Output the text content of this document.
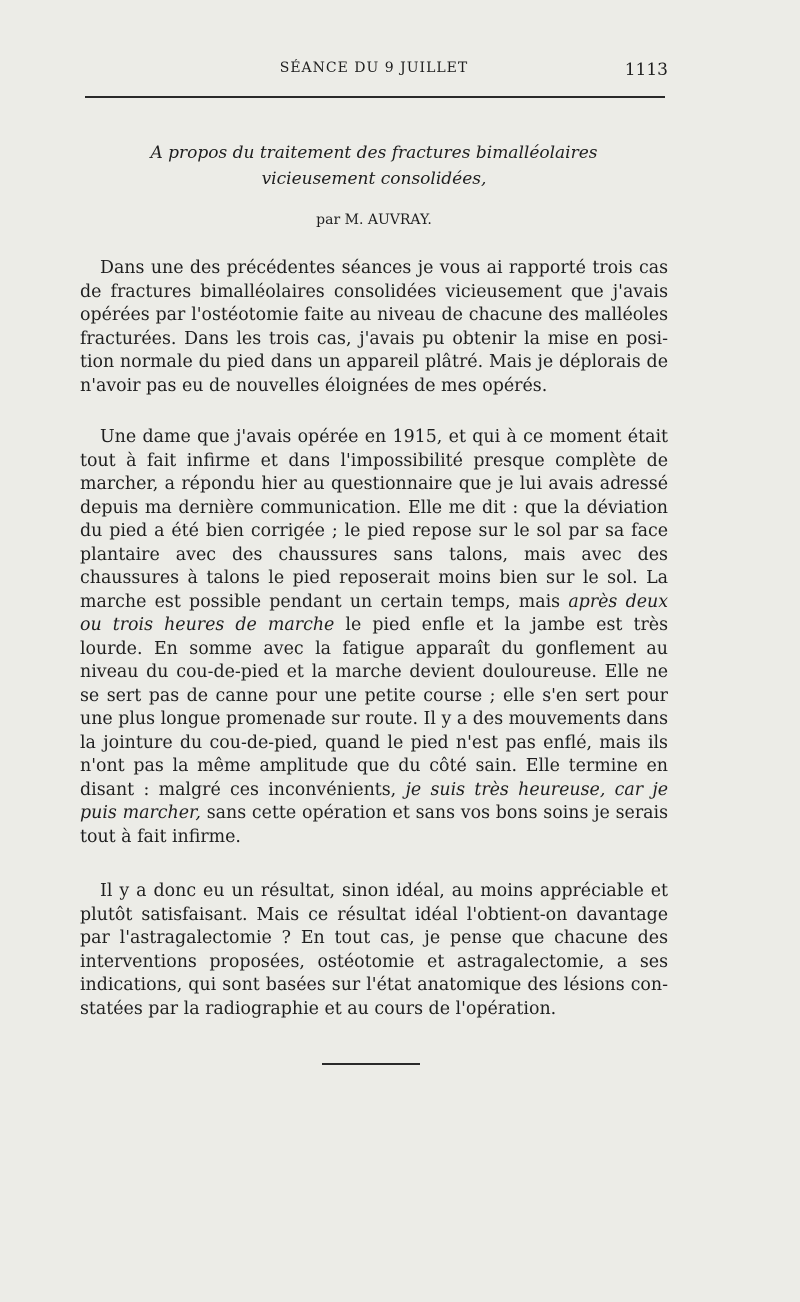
SÉANCE DU 9 JUILLET	1113
A propos du traitement des fractures bimalléolaires
vicieusement consolidées,
par M. AUVRAY.

Dans une des précédentes séances je vous ai rapporté trois cas de fractures bimalléolaires consolidées vicieusement que j'avais opérées par l'ostéotomie faite au niveau de chacune des malléoles fracturées. Dans les trois cas, j'avais pu obtenir la mise en position normale du pied dans un appareil plâtré. Mais je déplorais de n'avoir pas eu de nouvelles éloignées de mes opérés.

Une dame que j'avais opérée en 1915, et qui à ce moment était tout à fait infirme et dans l'impossibilité presque complète de marcher, a répondu hier au questionnaire que je lui avais adressé depuis ma dernière communication. Elle me dit : que la déviation du pied a été bien corrigée ; le pied repose sur le sol par sa face plantaire avec des chaussures sans talons, mais avec des chaussures à talons le pied reposerait moins bien sur le sol. La marche est possible pendant un certain temps, mais après deux ou trois heures de marche le pied enfle et la jambe est très lourde. En somme avec la fatigue apparaît du gonflement au niveau du cou-de-pied et la marche devient douloureuse. Elle ne se sert pas de canne pour une petite course ; elle s'en sert pour une plus longue promenade sur route. Il y a des mouvements dans la jointure du cou-de-pied, quand le pied n'est pas enflé, mais ils n'ont pas la même amplitude que du côté sain. Elle termine en disant : malgré ces inconvénients, je suis très heureuse, car je puis marcher, sans cette opération et sans vos bons soins je serais tout à fait infirme.

Il y a donc eu un résultat, sinon idéal, au moins appréciable et plutôt satisfaisant. Mais ce résultat idéal l'obtient-on davantage par l'astragalectomie ? En tout cas, je pense que chacune des interventions proposées, ostéotomie et astragalectomie, a ses indications, qui sont basées sur l'état anatomique des lésions constatées par la radiographie et au cours de l'opération.
